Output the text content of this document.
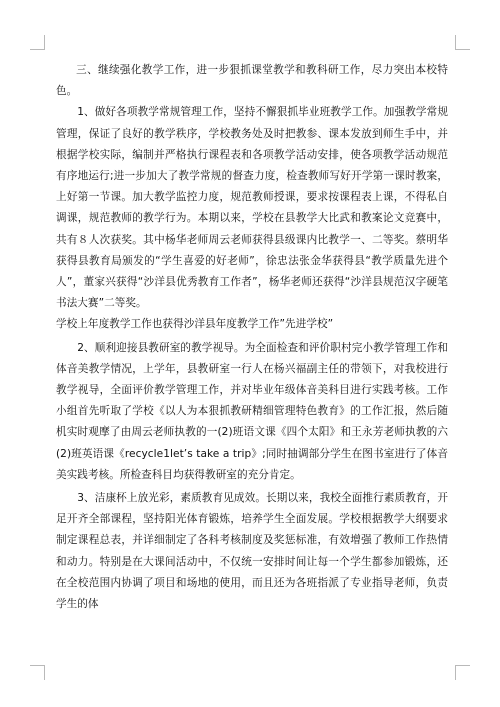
三、继续强化教学工作，进一步狠抓课堂教学和教科研工作，尽力突出本校特色。

1、做好各项教学常规管理工作，坚持不懈狠抓毕业班教学工作。加强教学常规管理，保证了良好的教学秩序，学校教务处及时把教参、课本发放到师生手中，并根据学校实际，编制并严格执行课程表和各项教学活动安排，使各项教学活动规范有序地运行;进一步加大了教学常规的督查力度，检查教师写好开学第一课时教案，上好第一节课。加大教学监控力度，规范教师授课，要求按课程表上课，不得私自调课，规范教师的教学行为。本期以来，学校在县教学大比武和教案论文竞赛中，共有８人次获奖。其中杨华老师周云老师获得县级课内比教学一、二等奖。蔡明华获得县教育局颁发的“学生喜爱的好老师”，徐忠法张金华获得县“教学质量先进个人”，董家兴获得“沙洋县优秀教育工作者”，杨华老师还获得“沙洋县规范汉字硬笔书法大赛”二等奖。

学校上年度教学工作也获得沙洋县年度教学工作”先进学校”

2、顺利迎接县教研室的教学视导。为全面检查和评价职村完小教学管理工作和体音美教学情况，上学年，县教研室一行人在杨兴福副主任的带领下，对我校进行教学视导，全面评价教学管理工作，并对毕业年级体音美科目进行实践考核。工作小组首先听取了学校《以人为本狠抓教研精细管理特色教育》的工作汇报，然后随机实时观摩了由周云老师执教的一(2)班语文课《四个太阳》和王永芳老师执教的六(2)班英语课《recycle1let’s take a trip》;同时抽调部分学生在图书室进行了体音美实践考核。所检查科目均获得教研室的充分肯定。

3、洁康杯上放光彩，素质教育见成效。长期以来，我校全面推行素质教育，开足开齐全部课程，坚持阳光体育锻炼，培养学生全面发展。学校根据教学大纲要求制定课程总表，并详细制定了各科考核制度及奖惩标准，有效增强了教师工作热情和动力。特别是在大课间活动中，不仅统一安排时间让每一个学生都参加锻炼，还在全校范围内协调了项目和场地的使用，而且还为各班指派了专业指导老师，负责学生的体
